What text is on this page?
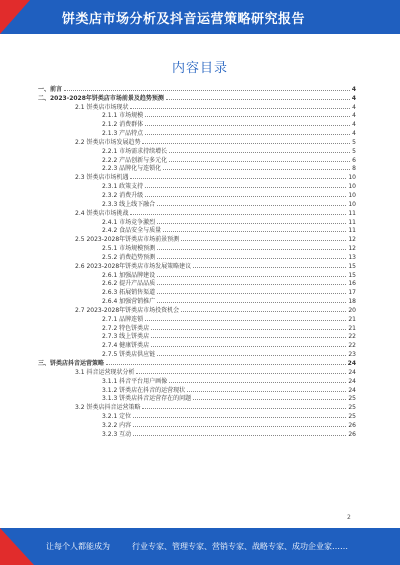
饼类店市场分析及抖音运营策略研究报告
内容目录
一、前言	4
二、2023-2028年饼类店市场前景及趋势预测	4
2.1 饼类店市场现状	4
2.1.1 市场规模	4
2.1.2 消费群体	4
2.1.3 产品特点	4
2.2 饼类店市场发展趋势	5
2.2.1 市场需求持续增长	5
2.2.2 产品创新与多元化	6
2.2.3 品牌化与连锁化	8
2.3 饼类店市场机遇	10
2.3.1 政策支持	10
2.3.2 消费升级	10
2.3.3 线上线下融合	10
2.4 饼类店市场挑战	11
2.4.1 市场竞争激烈	11
2.4.2 食品安全与质量	11
2.5 2023-2028年饼类店市场前景预测	12
2.5.1 市场规模预测	12
2.5.2 消费趋势预测	13
2.6 2023-2028年饼类店市场发展策略建议	15
2.6.1 加强品牌建设	15
2.6.2 提升产品品质	16
2.6.3 拓展销售渠道	17
2.6.4 加强营销推广	18
2.7 2023-2028年饼类店市场投资机会	20
2.7.1 品牌连锁	21
2.7.2 特色饼类店	21
2.7.3 线上饼类店	22
2.7.4 健康饼类店	22
2.7.5 饼类店供应链	23
三、饼类店抖音运营策略	24
3.1 抖音运营现状分析	24
3.1.1 抖音平台用户画像	24
3.1.2 饼类店在抖音的运营现状	24
3.1.3 饼类店抖音运营存在的问题	25
3.2 饼类店抖音运营策略	25
3.2.1 定位	25
3.2.2 内容	26
3.2.3 互动	26
2
让每个人都能成为	行业专家、管理专家、营销专家、战略专家、成功企业家……
